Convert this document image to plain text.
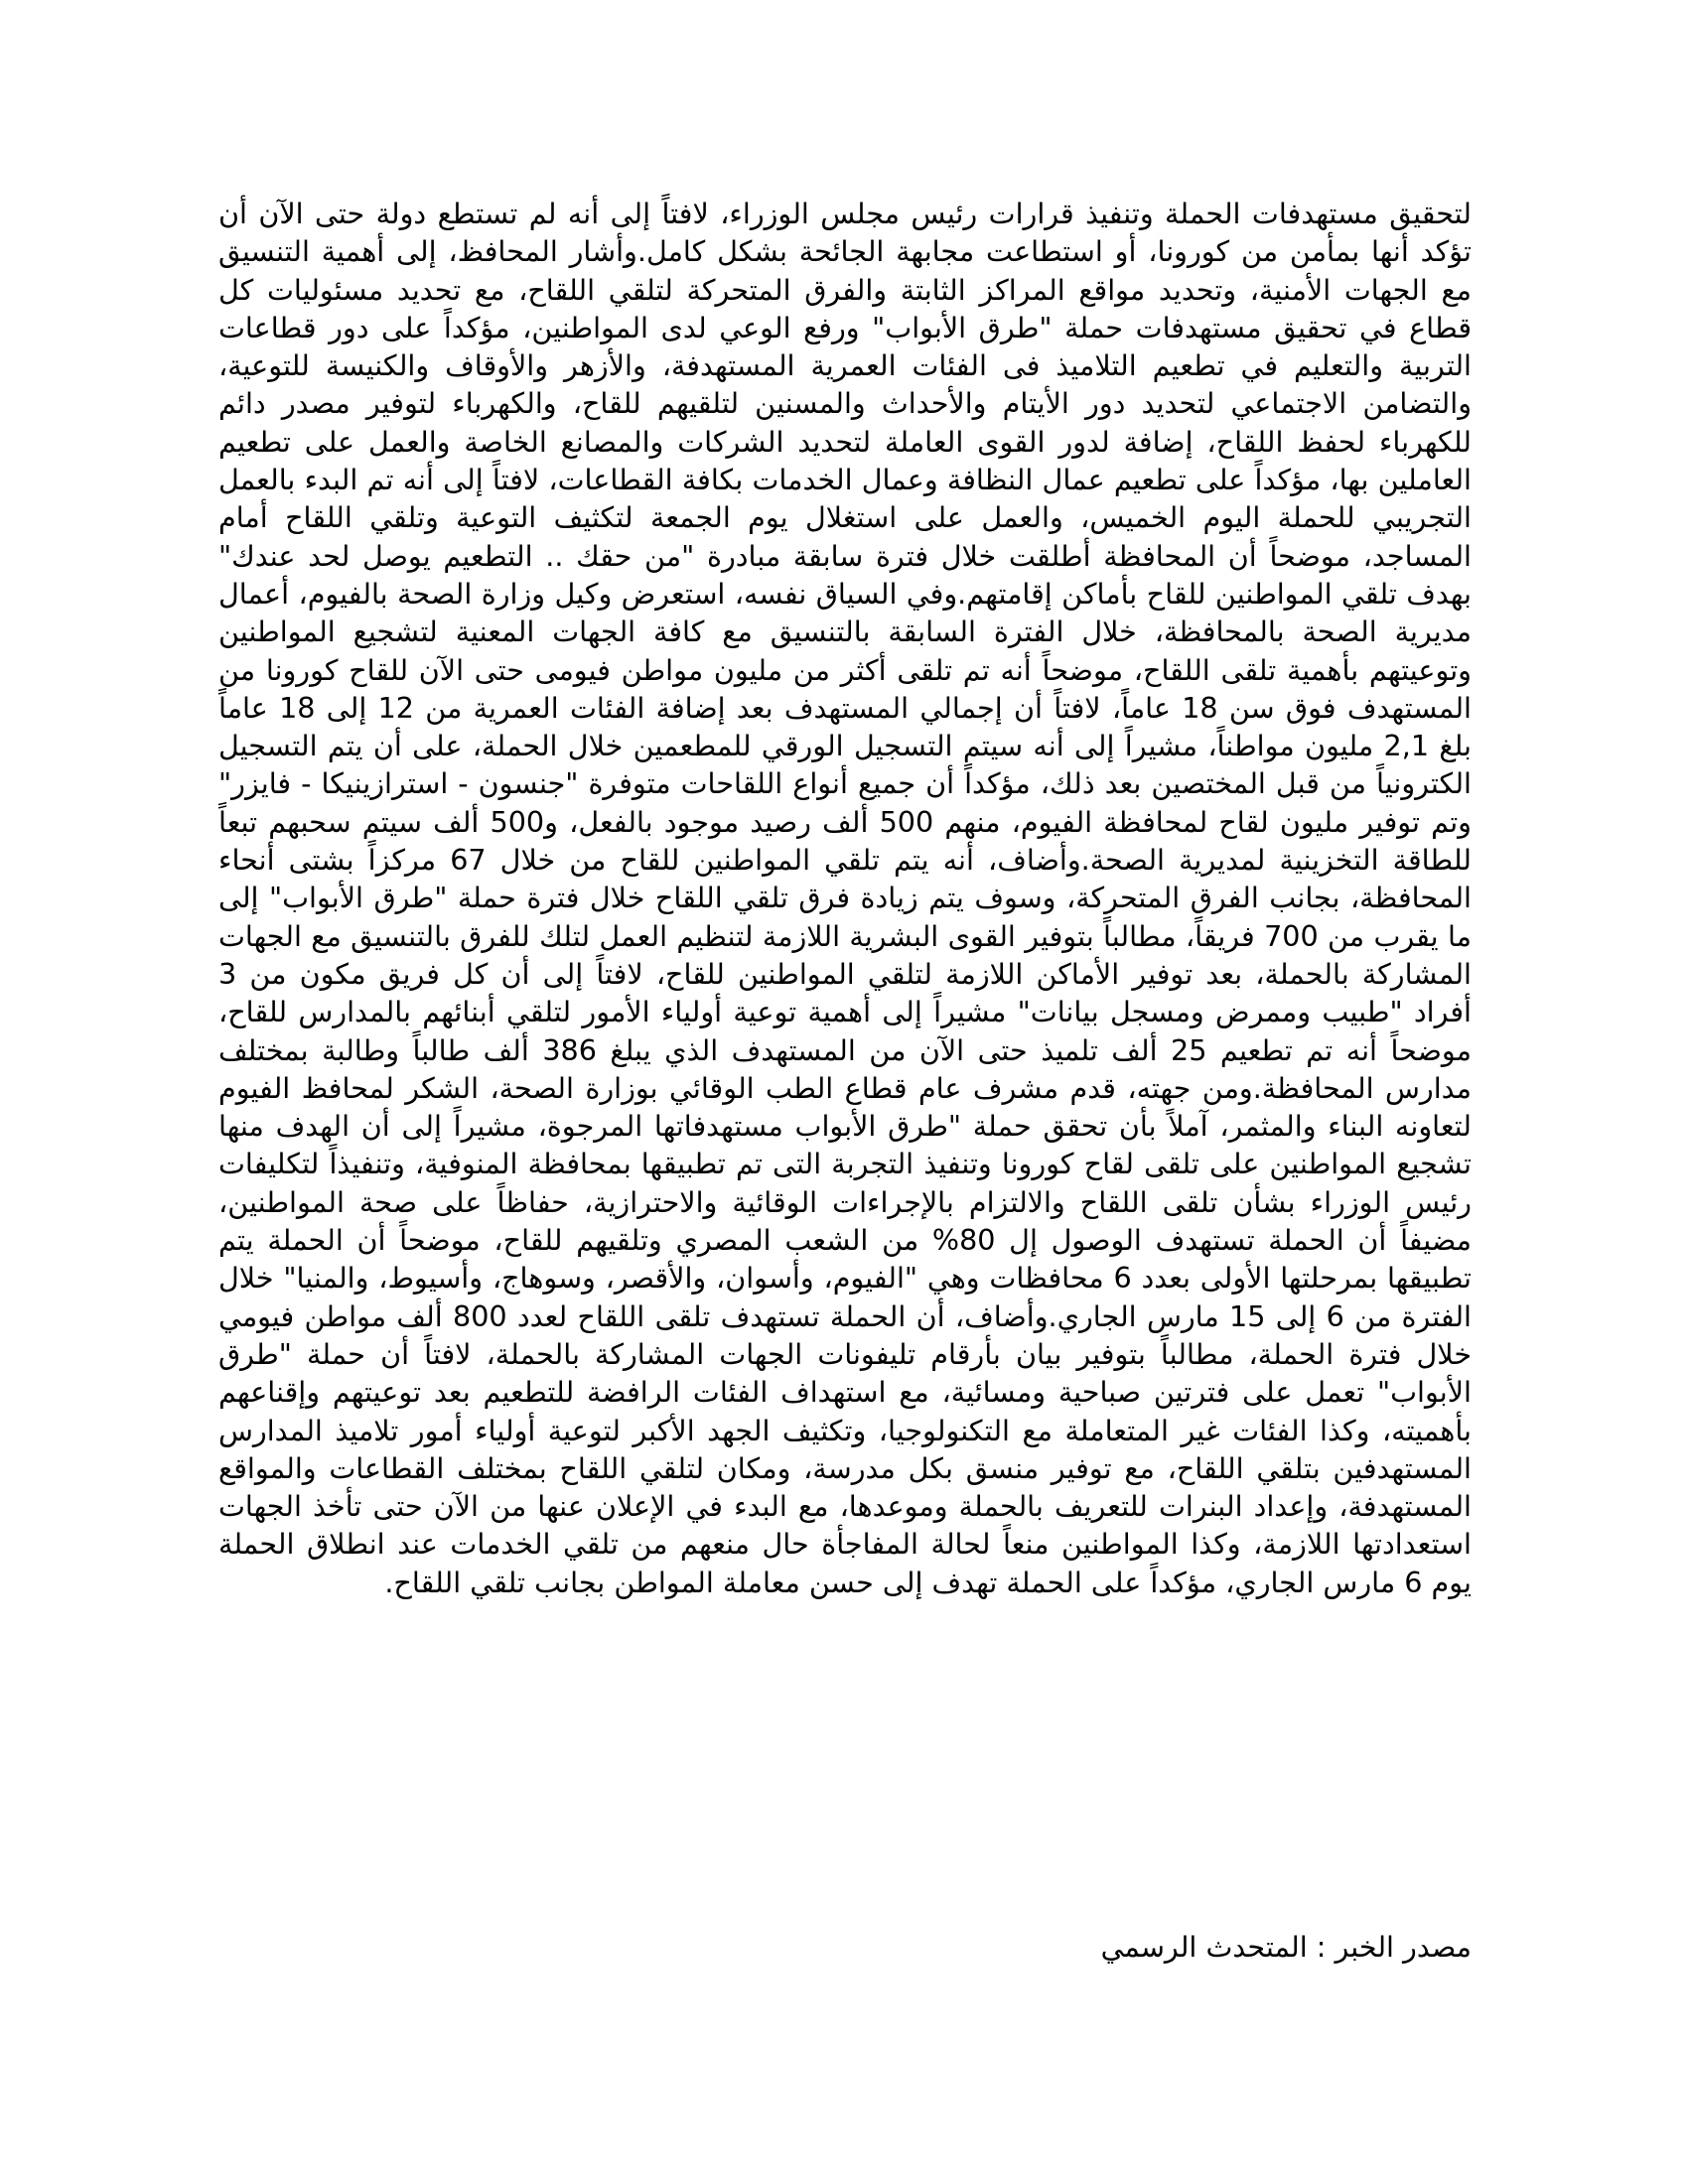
لتحقيق مستهدفات الحملة وتنفيذ قرارات رئيس مجلس الوزراء، لافتاً إلى أنه لم تستطع دولة حتى الآن أن تؤكد أنها بمأمن من كورونا، أو استطاعت مجابهة الجائحة بشكل كامل.وأشار المحافظ، إلى أهمية التنسيق مع الجهات الأمنية، وتحديد مواقع المراكز الثابتة والفرق المتحركة لتلقي اللقاح، مع تحديد مسئوليات كل قطاع في تحقيق مستهدفات حملة "طرق الأبواب" ورفع الوعي لدى المواطنين، مؤكداً على دور قطاعات التربية والتعليم في تطعيم التلاميذ فى الفئات العمرية المستهدفة، والأزهر والأوقاف والكنيسة للتوعية، والتضامن الاجتماعي لتحديد دور الأيتام والأحداث والمسنين لتلقيهم للقاح، والكهرباء لتوفير مصدر دائم للكهرباء لحفظ اللقاح، إضافة لدور القوى العاملة لتحديد الشركات والمصانع الخاصة والعمل على تطعيم العاملين بها، مؤكداً على تطعيم عمال النظافة وعمال الخدمات بكافة القطاعات، لافتاً إلى أنه تم البدء بالعمل التجريبي للحملة اليوم الخميس، والعمل على استغلال يوم الجمعة لتكثيف التوعية وتلقي اللقاح أمام المساجد، موضحاً أن المحافظة أطلقت خلال فترة سابقة مبادرة "من حقك .. التطعيم يوصل لحد عندك" بهدف تلقي المواطنين للقاح بأماكن إقامتهم.وفي السياق نفسه، استعرض وكيل وزارة الصحة بالفيوم، أعمال مديرية الصحة بالمحافظة، خلال الفترة السابقة بالتنسيق مع كافة الجهات المعنية لتشجيع المواطنين وتوعيتهم بأهمية تلقى اللقاح، موضحاً أنه تم تلقى أكثر من مليون مواطن فيومى حتى الآن للقاح كورونا من المستهدف فوق سن 18 عاماً، لافتاً أن إجمالي المستهدف بعد إضافة الفئات العمرية من 12 إلى 18 عاماً بلغ 2,1 مليون مواطناً، مشيراً إلى أنه سيتم التسجيل الورقي للمطعمين خلال الحملة، على أن يتم التسجيل الكترونياً من قبل المختصين بعد ذلك، مؤكداً أن جميع أنواع اللقاحات متوفرة "جنسون - استرازينيكا - فايزر" وتم توفير مليون لقاح لمحافظة الفيوم، منهم 500 ألف رصيد موجود بالفعل، و500 ألف سيتم سحبهم تبعاً للطاقة التخزينية لمديرية الصحة.وأضاف، أنه يتم تلقي المواطنين للقاح من خلال 67 مركزاً بشتى أنحاء المحافظة، بجانب الفرق المتحركة، وسوف يتم زيادة فرق تلقي اللقاح خلال فترة حملة "طرق الأبواب" إلى ما يقرب من 700 فريقاً، مطالباً بتوفير القوى البشرية اللازمة لتنظيم العمل لتلك للفرق بالتنسيق مع الجهات المشاركة بالحملة، بعد توفير الأماكن اللازمة لتلقي المواطنين للقاح، لافتاً إلى أن كل فريق مكون من 3 أفراد "طبيب وممرض ومسجل بيانات" مشيراً إلى أهمية توعية أولياء الأمور لتلقي أبنائهم بالمدارس للقاح، موضحاً أنه تم تطعيم 25 ألف تلميذ حتى الآن من المستهدف الذي يبلغ 386 ألف طالباً وطالبة بمختلف مدارس المحافظة.ومن جهته، قدم مشرف عام قطاع الطب الوقائي بوزارة الصحة، الشكر لمحافظ الفيوم لتعاونه البناء والمثمر، آملاً بأن تحقق حملة "طرق الأبواب مستهدفاتها المرجوة، مشيراً إلى أن الهدف منها تشجيع المواطنين على تلقى لقاح كورونا وتنفيذ التجربة التى تم تطبيقها بمحافظة المنوفية، وتنفيذاً لتكليفات رئيس الوزراء بشأن تلقى اللقاح والالتزام بالإجراءات الوقائية والاحترازية، حفاظاً على صحة المواطنين، مضيفاً أن الحملة تستهدف الوصول إل 80% من الشعب المصري وتلقيهم للقاح، موضحاً أن الحملة يتم تطبيقها بمرحلتها الأولى بعدد 6 محافظات وهي "الفيوم، وأسوان، والأقصر، وسوهاج، وأسيوط، والمنيا" خلال الفترة من 6 إلى 15 مارس الجاري.وأضاف، أن الحملة تستهدف تلقى اللقاح لعدد 800 ألف مواطن فيومي خلال فترة الحملة، مطالباً بتوفير بيان بأرقام تليفونات الجهات المشاركة بالحملة، لافتاً أن حملة "طرق الأبواب" تعمل على فترتين صباحية ومسائية، مع استهداف الفئات الرافضة للتطعيم بعد توعيتهم وإقناعهم بأهميته، وكذا الفئات غير المتعاملة مع التكنولوجيا، وتكثيف الجهد الأكبر لتوعية أولياء أمور تلاميذ المدارس المستهدفين بتلقي اللقاح، مع توفير منسق بكل مدرسة، ومكان لتلقي اللقاح بمختلف القطاعات والمواقع المستهدفة، وإعداد البنرات للتعريف بالحملة وموعدها، مع البدء في الإعلان عنها من الآن حتى تأخذ الجهات استعدادتها اللازمة، وكذا المواطنين منعاً لحالة المفاجأة حال منعهم من تلقي الخدمات عند انطلاق الحملة يوم 6 مارس الجاري، مؤكداً على الحملة تهدف إلى حسن معاملة المواطن بجانب تلقي اللقاح.

مصدر الخبر : المتحدث الرسمي
